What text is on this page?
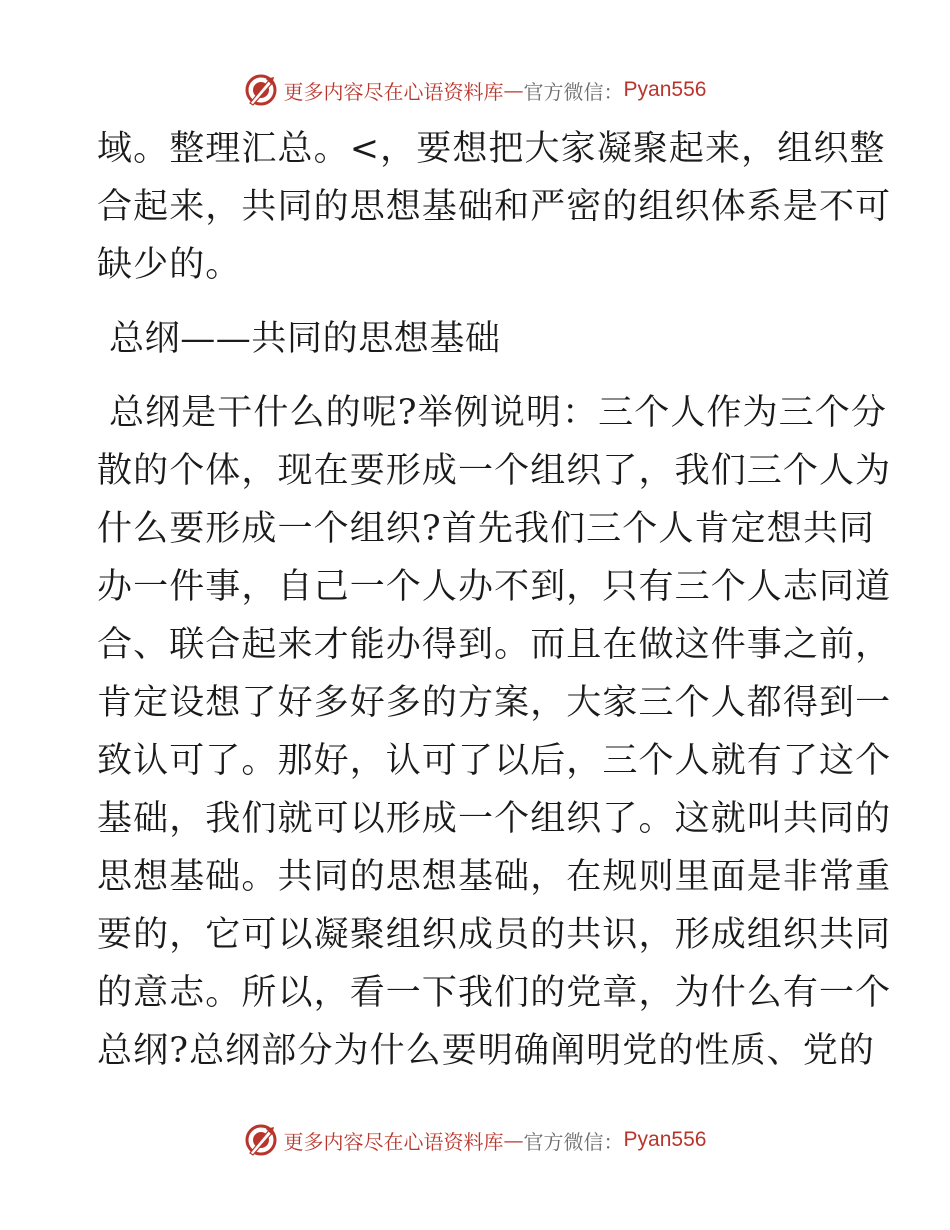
更多内容尽在心语资料库 — 官方微信： Pyan556
域。整理汇总。<，要想把大家凝聚起来，组织整
合起来，共同的思想基础和严密的组织体系是不可
缺少的。
总纲——共同的思想基础
总纲是干什么的呢?举例说明：三个人作为三个分
散的个体，现在要形成一个组织了，我们三个人为
什么要形成一个组织?首先我们三个人肯定想共同
办一件事，自己一个人办不到，只有三个人志同道
合、联合起来才能办得到。而且在做这件事之前，
肯定设想了好多好多的方案，大家三个人都得到一
致认可了。那好，认可了以后，三个人就有了这个
基础，我们就可以形成一个组织了。这就叫共同的
思想基础。共同的思想基础，在规则里面是非常重
要的，它可以凝聚组织成员的共识，形成组织共同
的意志。所以，看一下我们的党章，为什么有一个
总纲?总纲部分为什么要明确阐明党的性质、党的
更多内容尽在心语资料库 — 官方微信： Pyan556
